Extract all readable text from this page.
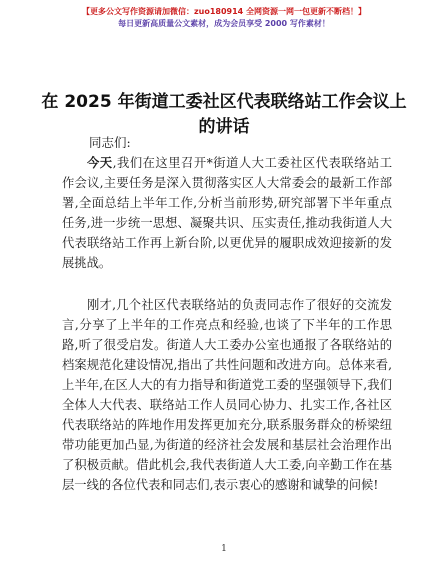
【更多公文写作资源请加微信：zuo180914 全网资源一网一包更新不断档！】
每日更新高质量公文素材，成为会员享受 2000 写作素材！
在 2025 年街道工委社区代表联络站工作会议上的讲话
同志们:

今天,我们在这里召开*街道人大工委社区代表联络站工作会议,主要任务是深入贯彻落实区人大常委会的最新工作部署,全面总结上半年工作,分析当前形势,研究部署下半年重点任务,进一步统一思想、凝聚共识、压实责任,推动我街道人大代表联络站工作再上新台阶,以更优异的履职成效迎接新的发展挑战。

刚才,几个社区代表联络站的负责同志作了很好的交流发言,分享了上半年的工作亮点和经验,也谈了下半年的工作思路,听了很受启发。街道人大工委办公室也通报了各联络站的档案规范化建设情况,指出了共性问题和改进方向。总体来看,上半年,在区人大的有力指导和街道党工委的坚强领导下,我们全体人大代表、联络站工作人员同心协力、扎实工作,各社区代表联络站的阵地作用发挥更加充分,联系服务群众的桥梁纽带功能更加凸显,为街道的经济社会发展和基层社会治理作出了积极贡献。借此机会,我代表街道人大工委,向辛勤工作在基层一线的各位代表和同志们,表示衷心的感谢和诚挚的问候!

1
